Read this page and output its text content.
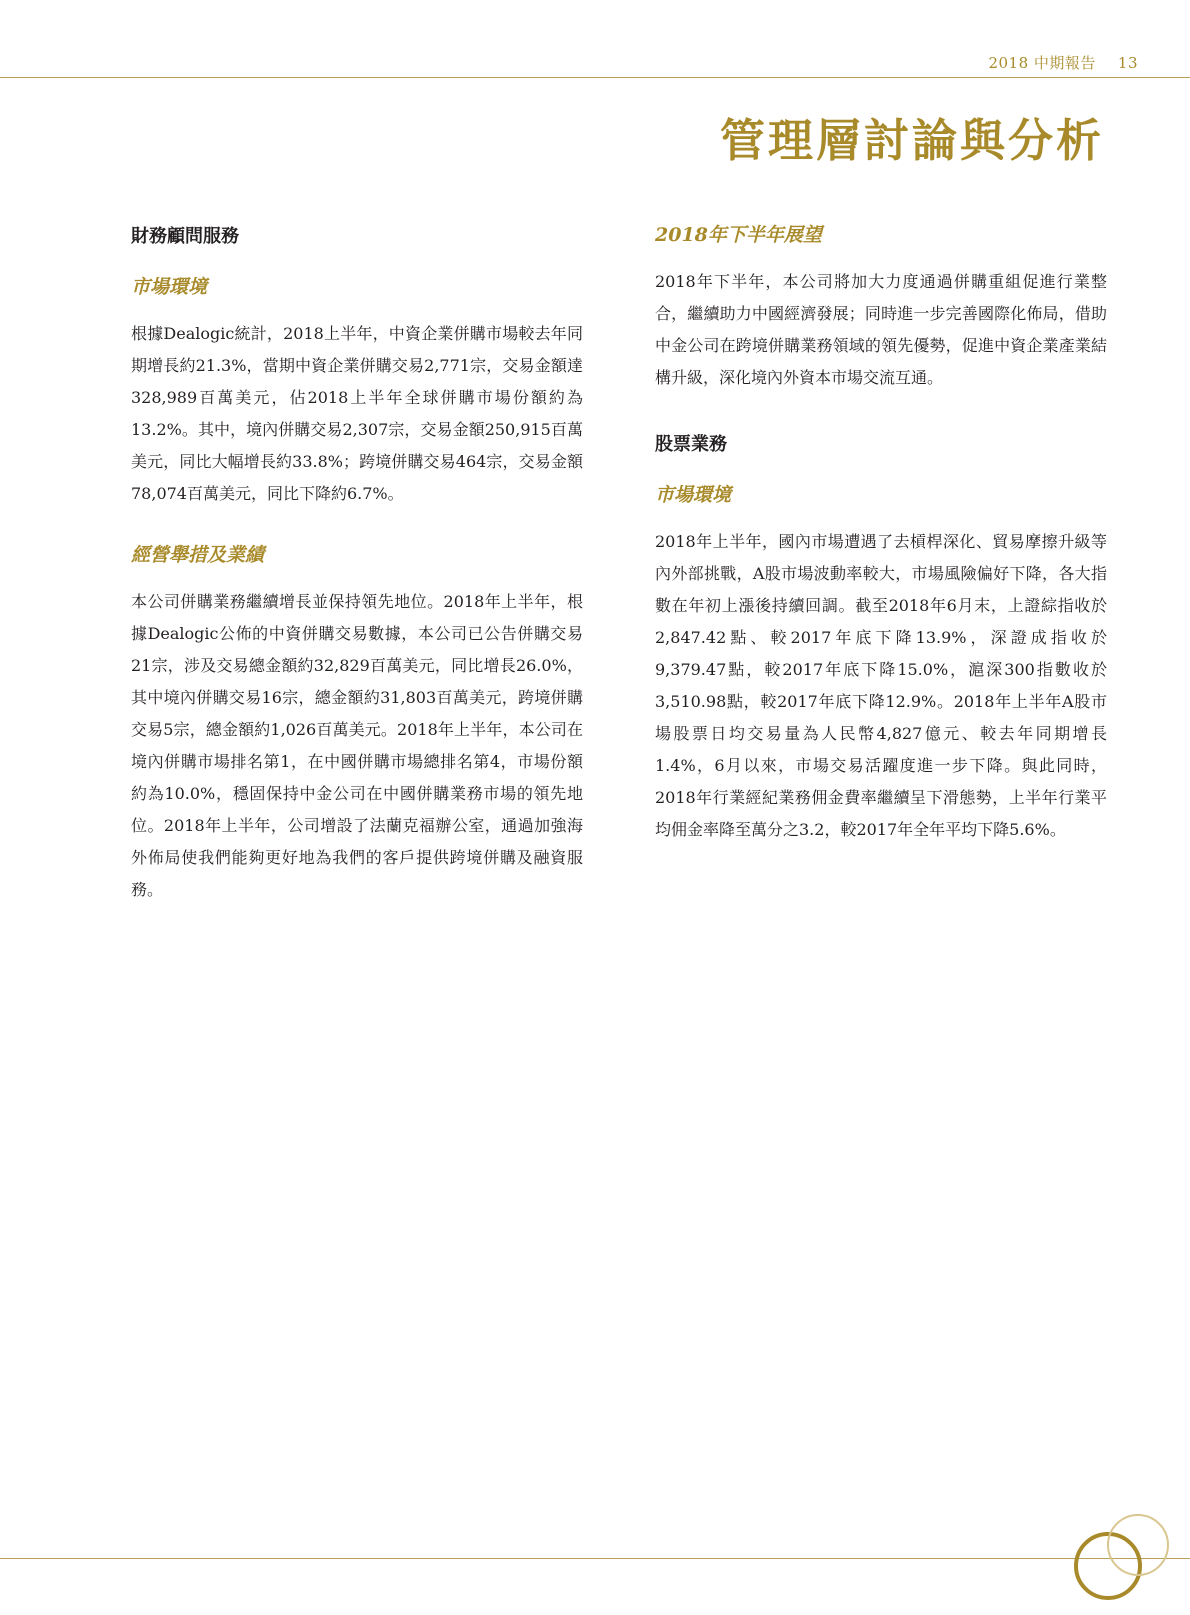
2018 中期報告 13
管理層討論與分析
財務顧問服務
市場環境

根據Dealogic統計，2018上半年，中資企業併購市場較去年同期增長約21.3%，當期中資企業併購交易2,771宗，交易金額達328,989百萬美元，佔2018上半年全球併購市場份額約為13.2%。其中，境內併購交易2,307宗，交易金額250,915百萬美元，同比大幅增長約33.8%；跨境併購交易464宗，交易金額78,074百萬美元，同比下降約6.7%。

經營舉措及業績

本公司併購業務繼續增長並保持領先地位。2018年上半年，根據Dealogic公佈的中資併購交易數據，本公司已公告併購交易21宗，涉及交易總金額約32,829百萬美元，同比增長26.0%，其中境內併購交易16宗，總金額約31,803百萬美元，跨境併購交易5宗，總金額約1,026百萬美元。2018年上半年，本公司在境內併購市場排名第1，在中國併購市場總排名第4，市場份額約為10.0%，穩固保持中金公司在中國併購業務市場的領先地位。2018年上半年，公司增設了法蘭克福辦公室，通過加強海外佈局使我們能夠更好地為我們的客戶提供跨境併購及融資服務。

2018年下半年展望

2018年下半年，本公司將加大力度通過併購重組促進行業整合，繼續助力中國經濟發展；同時進一步完善國際化佈局，借助中金公司在跨境併購業務領域的領先優勢，促進中資企業產業結構升級，深化境內外資本市場交流互通。

股票業務
市場環境

2018年上半年，國內市場遭遇了去槓桿深化、貿易摩擦升級等內外部挑戰，A股市場波動率較大，市場風險偏好下降，各大指數在年初上漲後持續回調。截至2018年6月末，上證綜指收於2,847.42點、較2017年底下降13.9%，深證成指收於9,379.47點，較2017年底下降15.0%，滬深300指數收於3,510.98點，較2017年底下降12.9%。2018年上半年A股市場股票日均交易量為人民幣4,827億元、較去年同期增長1.4%，6月以來，市場交易活躍度進一步下降。與此同時，2018年行業經紀業務佣金費率繼續呈下滑態勢，上半年行業平均佣金率降至萬分之3.2，較2017年全年平均下降5.6%。
